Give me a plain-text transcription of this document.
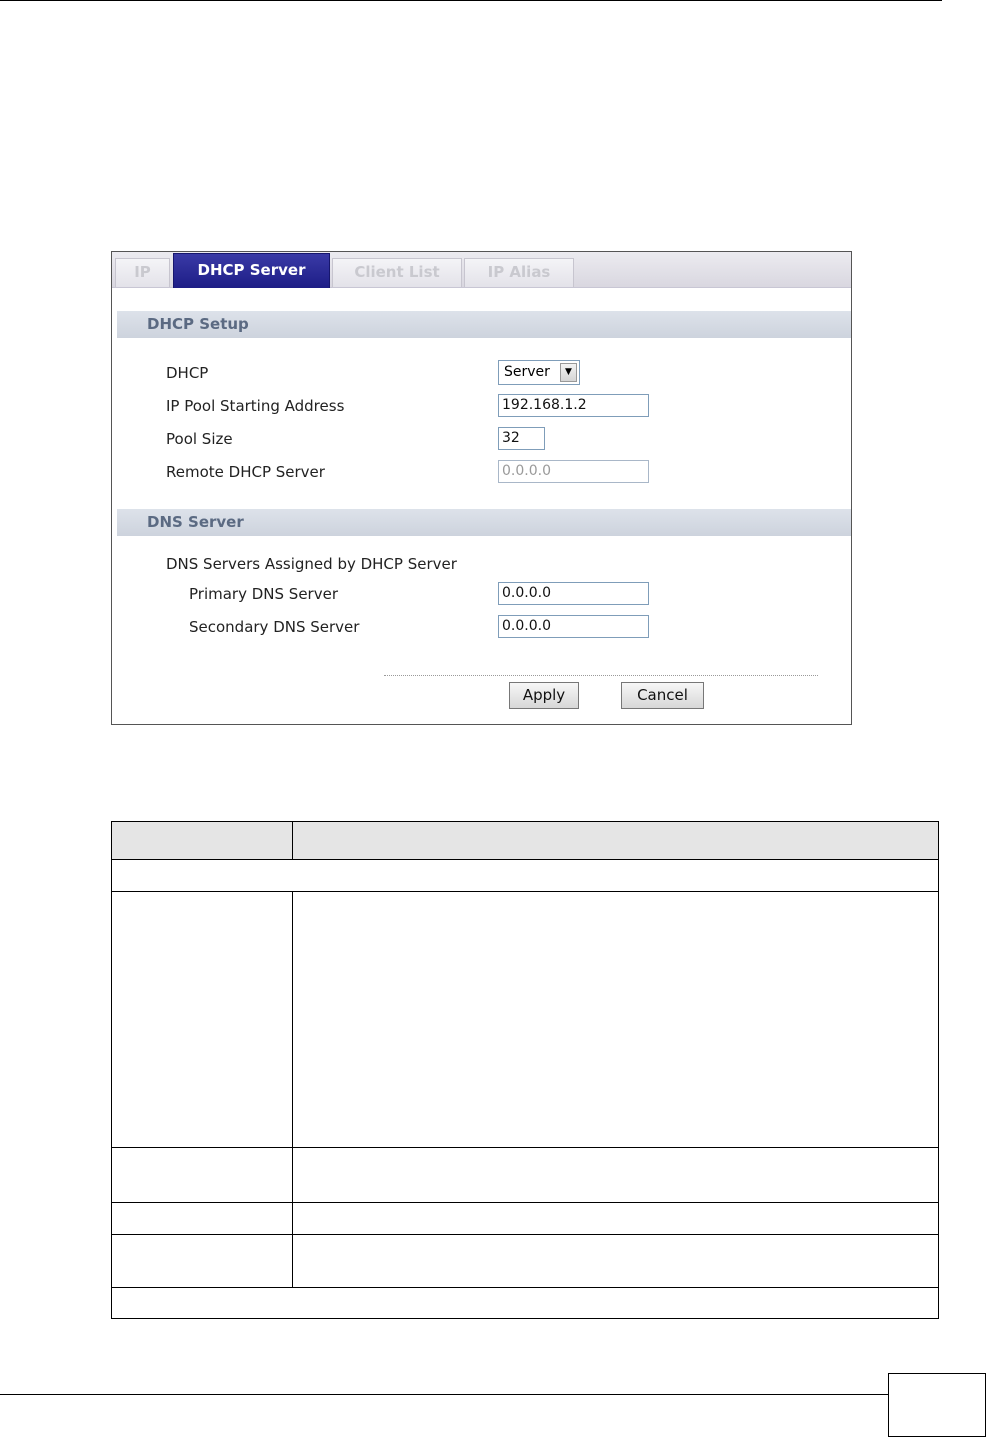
IP	DHCP Server	Client List	IP Alias
DHCP Setup
DHCP	Server	▼
IP Pool Starting Address	192.168.1.2
Pool Size	32
Remote DHCP Server	0.0.0.0
DNS Server
DNS Servers Assigned by DHCP Server
Primary DNS Server	0.0.0.0
Secondary DNS Server	0.0.0.0
Apply	Cancel
